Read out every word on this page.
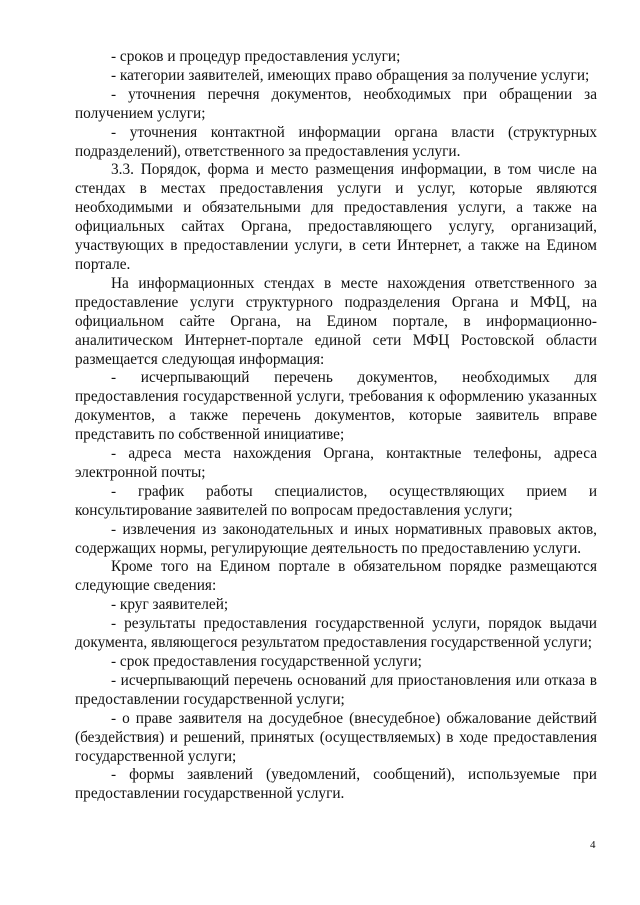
- сроков и процедур предоставления услуги;

- категории заявителей, имеющих право обращения за получение услуги;

- уточнения перечня документов, необходимых при обращении за получением услуги;

- уточнения контактной информации органа власти (структурных подразделений), ответственного за предоставления услуги.

3.3. Порядок, форма и место размещения информации, в том числе на стендах в местах предоставления услуги и услуг, которые являются необходимыми и обязательными для предоставления услуги, а также на официальных сайтах Органа, предоставляющего услугу, организаций, участвующих в предоставлении услуги, в сети Интернет, а также на Едином портале.

На информационных стендах в месте нахождения ответственного за предоставление услуги структурного подразделения Органа и МФЦ, на официальном сайте Органа, на Едином портале, в информационно-аналитическом Интернет-портале единой сети МФЦ Ростовской области размещается следующая информация:

- исчерпывающий перечень документов, необходимых для предоставления государственной услуги, требования к оформлению указанных документов, а также перечень документов, которые заявитель вправе представить по собственной инициативе;

- адреса места нахождения Органа, контактные телефоны, адреса электронной почты;

- график работы специалистов, осуществляющих прием и консультирование заявителей по вопросам предоставления услуги;

- извлечения из законодательных и иных нормативных правовых актов, содержащих нормы, регулирующие деятельность по предоставлению услуги.

Кроме того на Едином портале в обязательном порядке размещаются следующие сведения:

- круг заявителей;

- результаты предоставления государственной услуги, порядок выдачи документа, являющегося результатом предоставления государственной услуги;

- срок предоставления государственной услуги;

- исчерпывающий перечень оснований для приостановления или отказа в предоставлении государственной услуги;

- о праве заявителя на досудебное (внесудебное) обжалование действий (бездействия) и решений, принятых (осуществляемых) в ходе предоставления государственной услуги;

- формы заявлений (уведомлений, сообщений), используемые при предоставлении государственной услуги.

4
